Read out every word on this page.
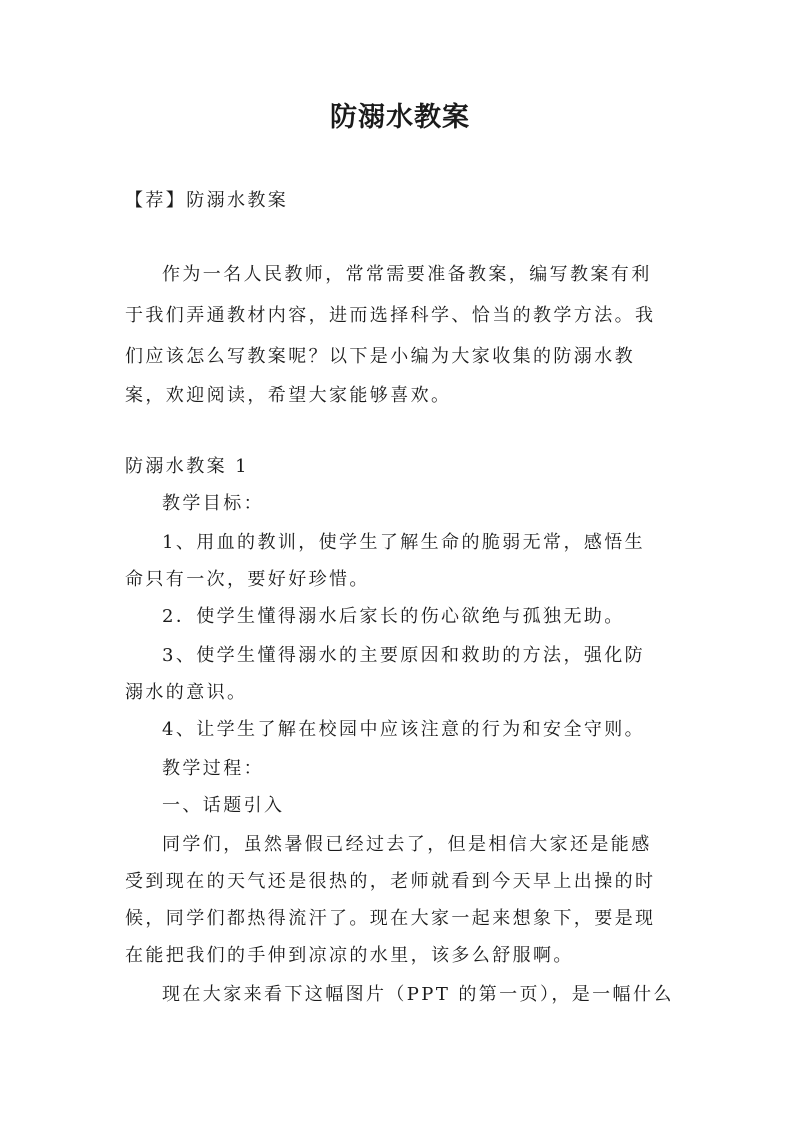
防溺水教案
【荐】防溺水教案
作为一名人民教师，常常需要准备教案，编写教案有利
于我们弄通教材内容，进而选择科学、恰当的教学方法。我
们应该怎么写教案呢？以下是小编为大家收集的防溺水教
案，欢迎阅读，希望大家能够喜欢。
防溺水教案 1
教学目标：
1、用血的教训，使学生了解生命的脆弱无常，感悟生
命只有一次，要好好珍惜。
2．使学生懂得溺水后家长的伤心欲绝与孤独无助。
3、使学生懂得溺水的主要原因和救助的方法，强化防
溺水的意识。
4、让学生了解在校园中应该注意的行为和安全守则。
教学过程：
一、话题引入
同学们，虽然暑假已经过去了，但是相信大家还是能感
受到现在的天气还是很热的，老师就看到今天早上出操的时
候，同学们都热得流汗了。现在大家一起来想象下，要是现
在能把我们的手伸到凉凉的水里，该多么舒服啊。
现在大家来看下这幅图片（PPT 的第一页），是一幅什么
